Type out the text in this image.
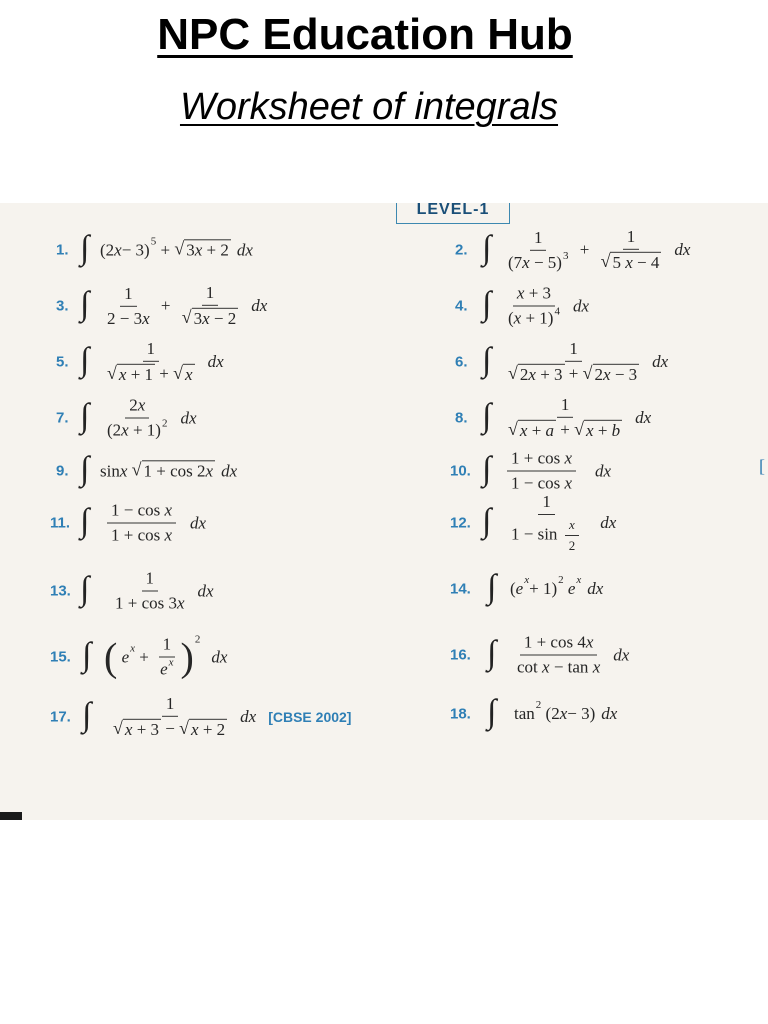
NPC Education Hub
Worksheet of integrals
LEVEL-1
[
1. ∫ (2 x − 3) 5 + √ 3x + 2 dx	2. ∫ $\frac{1}{(7x - 5)^3} + \frac{1}{√ 5 x - 4}$ dx
3. ∫ $\frac{1}{2 - 3x} + \frac{1}{√ 3x - 2}$ dx	4. ∫ $\frac{x + 3}{(x + 1)^4}$ dx
5. ∫ $\frac{1}{√ x + 1 + √ x}$ dx	6. ∫ $\frac{1}{√ 2x + 3 + √ 2x - 3}$ dx
7. ∫ $\frac{2x}{(2x + 1)^2}$ dx	8. ∫ $\frac{1}{√ x + a + √ x + b}$ dx
9. ∫ sin x
√ 1 + cos 2x dx	10. ∫ $\frac{\text{1 + cos x}}{\text{1 − cos x}}$ dx
11. ∫ $\frac{\text{1 − cos x}}{\text{1 + cos x}}$ dx	12. ∫ $\frac{1}{1 - \sin \frac{x}{2}}$ dx
13. ∫ $\frac{1}{1 + \cos 3x}$ dx	14. ∫ ( e x + 1) 2
e x dx
15. ∫ (
e $x + \frac{1}{e^x}$ ) 2
dx	16. ∫ $\frac{1 + \cos 4x}{\text{cot x − tan x}}$ dx
17. ∫ $\frac{1}{√ x + 3 - √ x + 2}$ dx [CBSE 2002]	18. ∫ tan 2 (2 x − 3) dx
